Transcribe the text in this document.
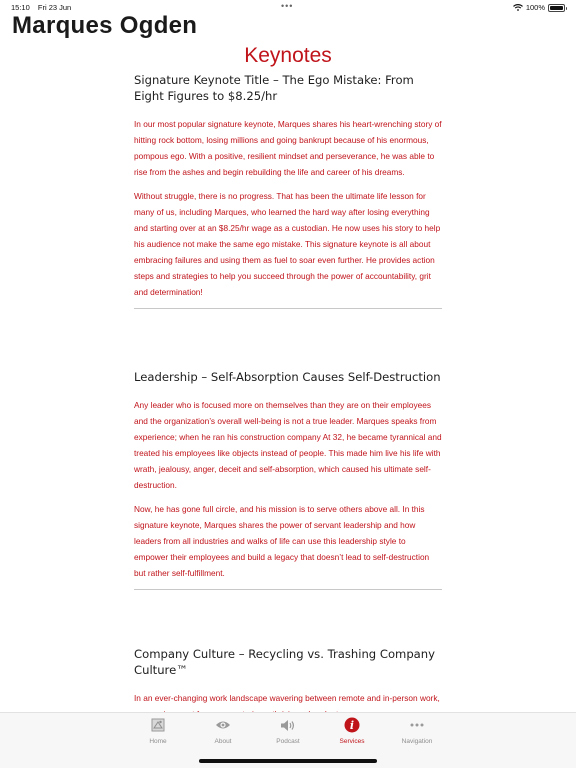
15:10 Fri 23 Jun	•••	100%
Marques Ogden
Keynotes
Signature Keynote Title – The Ego Mistake: From Eight Figures to $8.25/hr

In our most popular signature keynote, Marques shares his heart-wrenching story of hitting rock bottom, losing millions and going bankrupt because of his enormous, pompous ego. With a positive, resilient mindset and perseverance, he was able to rise from the ashes and begin rebuilding the life and career of his dreams.

Without struggle, there is no progress. That has been the ultimate life lesson for many of us, including Marques, who learned the hard way after losing everything and starting over at an $8.25/hr wage as a custodian. He now uses his story to help his audience not make the same ego mistake. This signature keynote is all about embracing failures and using them as fuel to soar even further. He provides action steps and strategies to help you succeed through the power of accountability, grit and determination!

Leadership – Self-Absorption Causes Self-Destruction

Any leader who is focused more on themselves than they are on their employees and the organization’s overall well-being is not a true leader. Marques speaks from experience; when he ran his construction company At 32, he became tyrannical and treated his employees like objects instead of people. This made him live his life with wrath, jealousy, anger, deceit and self-absorption, which caused his ultimate self-destruction.

Now, he has gone full circle, and his mission is to serve others above all. In this signature keynote, Marques shares the power of servant leadership and how leaders from all industries and walks of life can use this leadership style to empower their employees and build a legacy that doesn’t lead to self-destruction but rather self-fulfillment.

Company Culture – Recycling vs. Trashing Company Culture™

In an ever-changing work landscape wavering between remote and in-person work,

Home	About	Podcast
i
Services	Navigation
